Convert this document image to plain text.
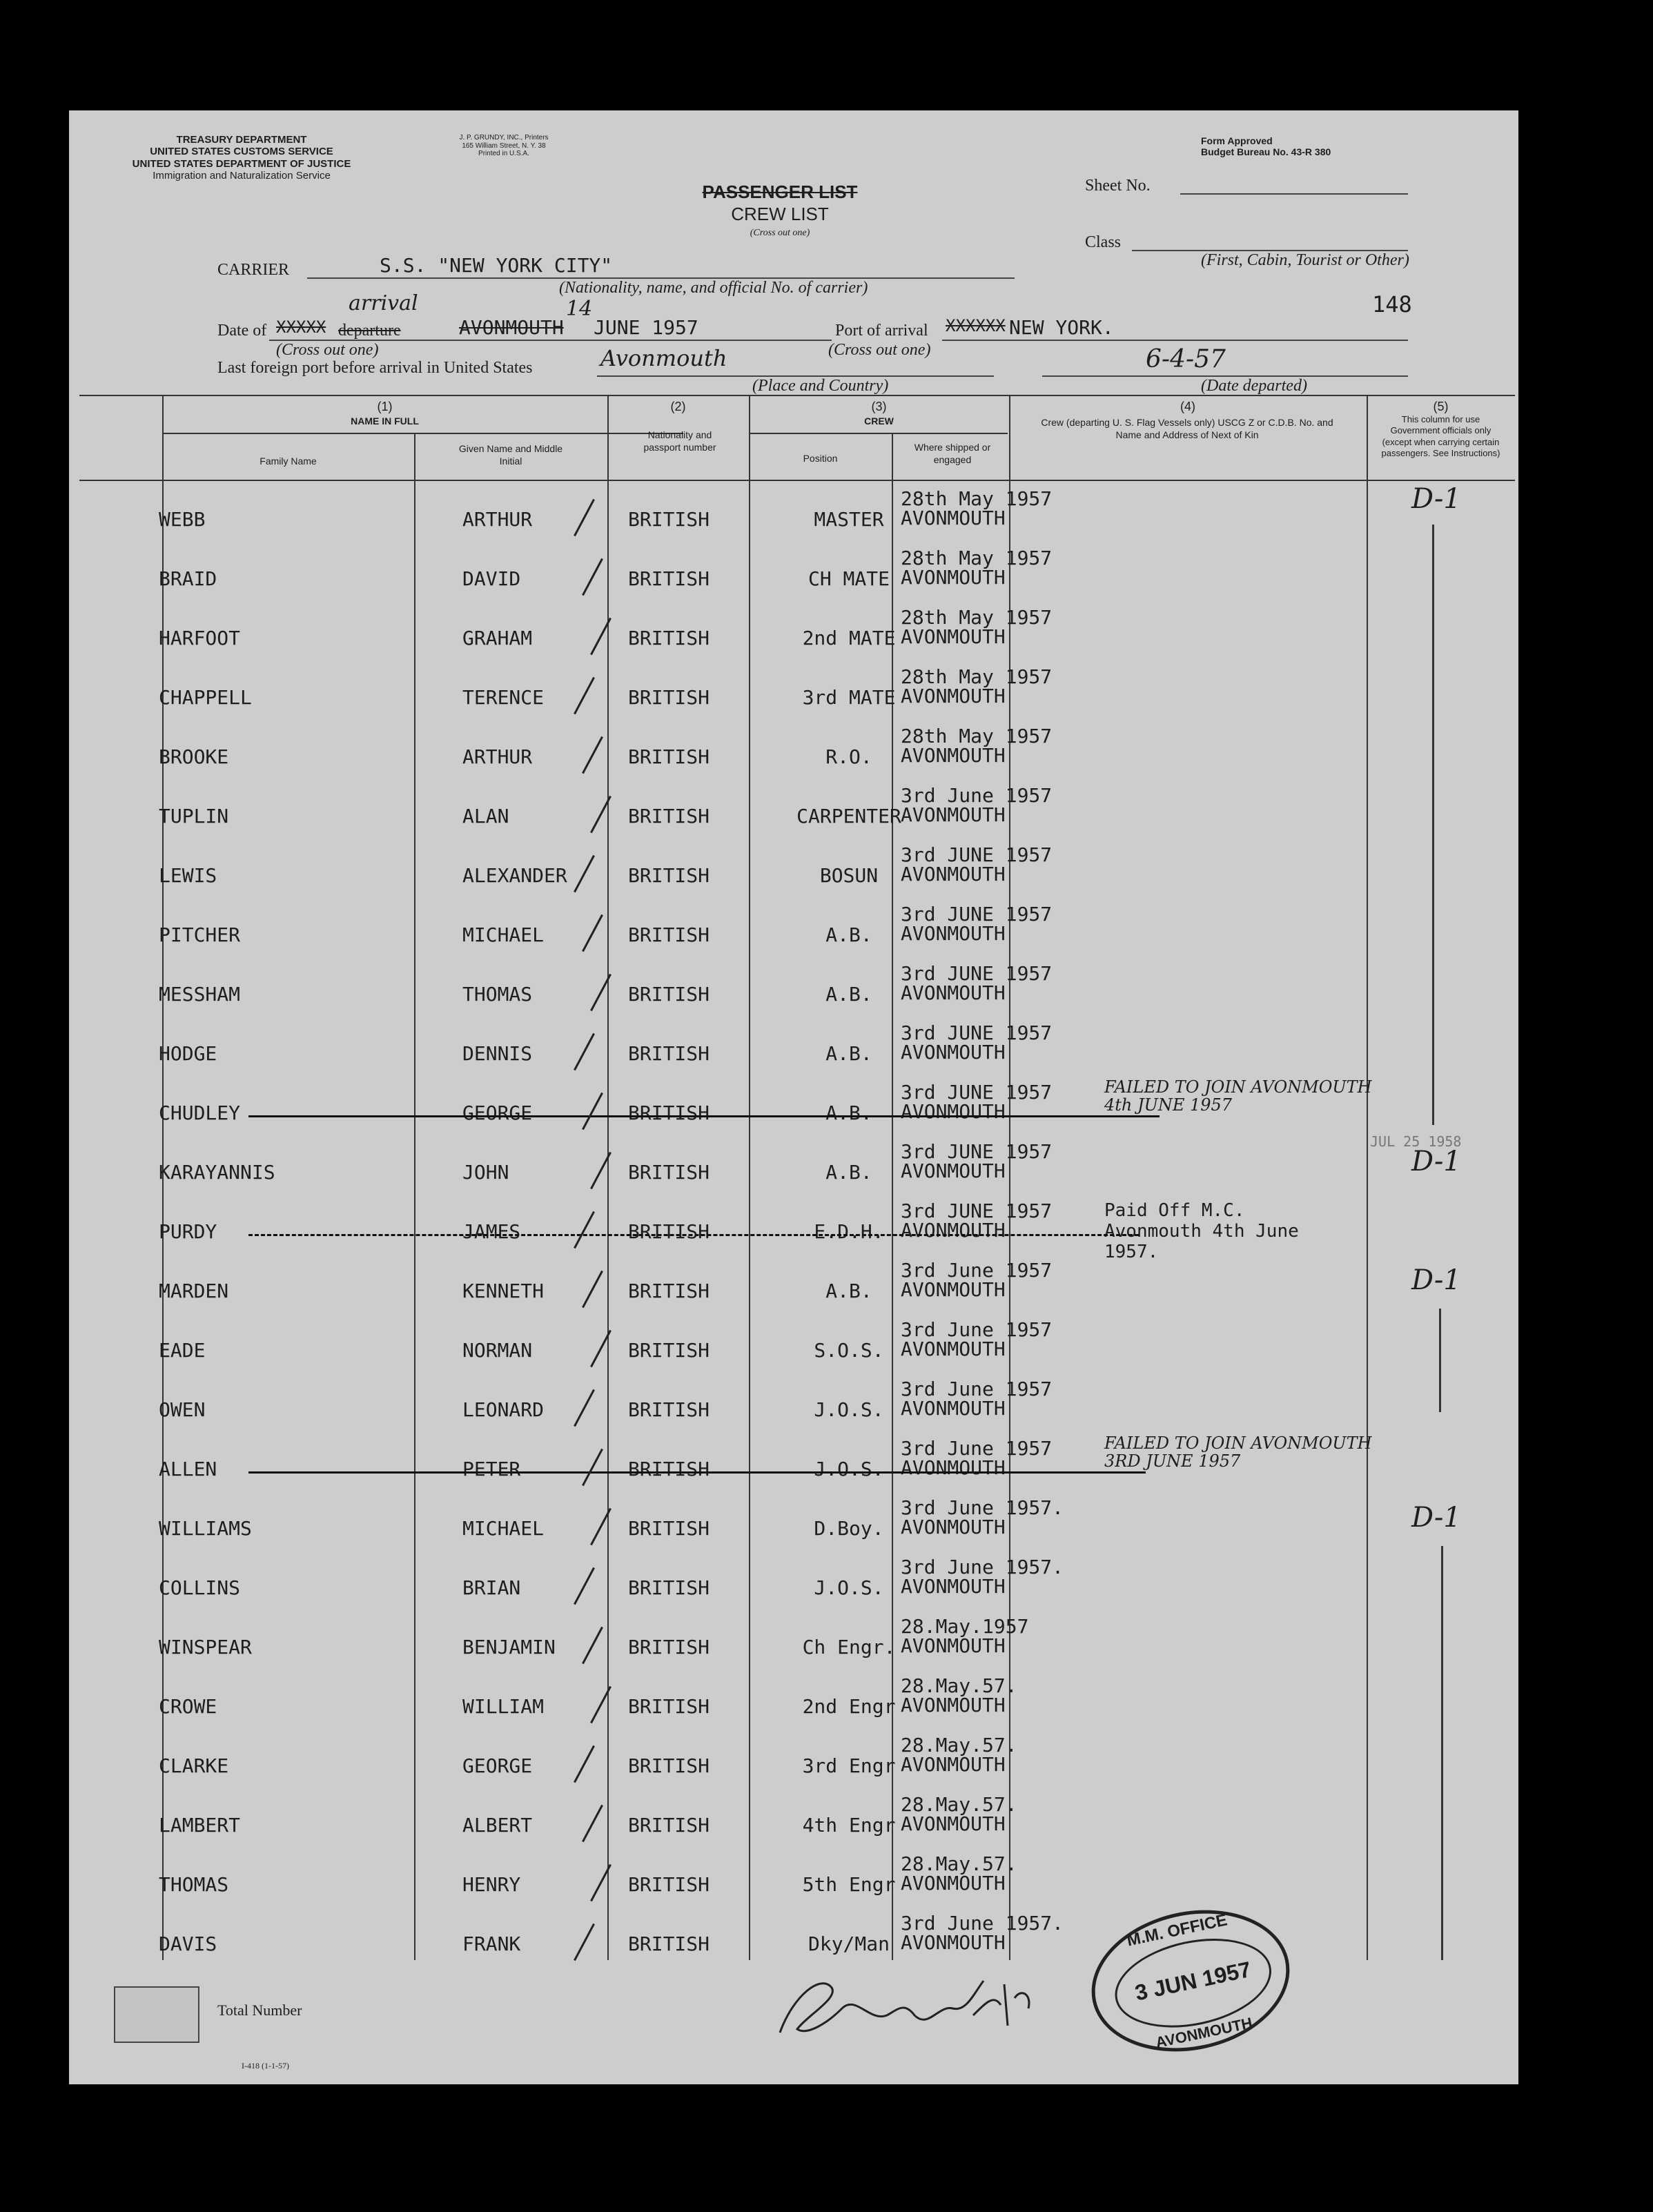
TREASURY DEPARTMENT
UNITED STATES CUSTOMS SERVICE
UNITED STATES DEPARTMENT OF JUSTICE
Immigration and Naturalization Service
J. P. GRUNDY, INC., Printers
165 William Street, N. Y. 38
Printed in U.S.A.
Form Approved
Budget Bureau No. 43-R 380
PASSENGER LIST
CREW LIST
(Cross out one)
Sheet No.
Class
(First, Cabin, Tourist or Other)
CARRIER	S.S. "NEW YORK CITY"
(Nationality, name, and official No. of carrier)
148
Date of XXXXX departure
arrival
AVONMOUTH
14
JUNE 1957
(Cross out one)
Port of arrival XXXXXX NEW YORK.
(Cross out one)
Last foreign port before arrival in United States	Avonmouth
(Place and Country)
6-4-57
(Date departed)
(1)
NAME IN FULL
Family Name
Given Name and Middle Initial
(2)
Nationality and passport number
(3)
CREW
Position
Where shipped or engaged
(4)
Crew (departing U. S. Flag Vessels only) USCG Z or C.D.B. No. and Name and Address of Next of Kin
(5)
This column for use Government officials only (except when carrying certain passengers. See Instructions)
WEBB	ARTHUR	BRITISH	MASTER
28th May 1957
AVONMOUTH
BRAID	DAVID	BRITISH	CH MATE
28th May 1957
AVONMOUTH
HARFOOT	GRAHAM	BRITISH	2nd MATE
28th May 1957
AVONMOUTH
CHAPPELL	TERENCE	BRITISH	3rd MATE
28th May 1957
AVONMOUTH
BROOKE	ARTHUR	BRITISH	R.O.
28th May 1957
AVONMOUTH
TUPLIN	ALAN	BRITISH	CARPENTER
3rd June 1957
AVONMOUTH
LEWIS	ALEXANDER	BRITISH	BOSUN
3rd JUNE 1957
AVONMOUTH
PITCHER	MICHAEL	BRITISH	A.B.
3rd JUNE 1957
AVONMOUTH
MESSHAM	THOMAS	BRITISH	A.B.
3rd JUNE 1957
AVONMOUTH
HODGE	DENNIS	BRITISH	A.B.
3rd JUNE 1957
AVONMOUTH
CHUDLEY	GEORGE	BRITISH	A.B.
3rd JUNE 1957
AVONMOUTH
FAILED TO JOIN AVONMOUTH 4th JUNE 1957
KARAYANNIS	JOHN	BRITISH	A.B.
3rd JUNE 1957
AVONMOUTH
PURDY	JAMES	BRITISH	E.D.H.
3rd JUNE 1957
AVONMOUTH
Paid Off M.C. Avonmouth 4th June 1957.
MARDEN	KENNETH	BRITISH	A.B.
3rd June 1957
AVONMOUTH
EADE	NORMAN	BRITISH	S.O.S.
3rd June 1957
AVONMOUTH
OWEN	LEONARD	BRITISH	J.O.S.
3rd June 1957
AVONMOUTH
ALLEN	PETER	BRITISH	J.O.S.
3rd June 1957
AVONMOUTH
FAILED TO JOIN AVONMOUTH 3RD JUNE 1957
WILLIAMS	MICHAEL	BRITISH	D.Boy.
3rd June 1957.
AVONMOUTH
COLLINS	BRIAN	BRITISH	J.O.S.
3rd June 1957.
AVONMOUTH
WINSPEAR	BENJAMIN	BRITISH	Ch Engr.
28.May.1957
AVONMOUTH
CROWE	WILLIAM	BRITISH	2nd Engr
28.May.57.
AVONMOUTH
CLARKE	GEORGE	BRITISH	3rd Engr
28.May.57.
AVONMOUTH
LAMBERT	ALBERT	BRITISH	4th Engr
28.May.57.
AVONMOUTH
THOMAS	HENRY	BRITISH	5th Engr
28.May.57.
AVONMOUTH
DAVIS	FRANK	BRITISH	Dky/Man
3rd June 1957.
AVONMOUTH
D-1
D-1
D-1
D-1
JUL 25 1958
Total Number
I-418 (1-1-57)
M.M. OFFICE
3 JUN 1957
AVONMOUTH
